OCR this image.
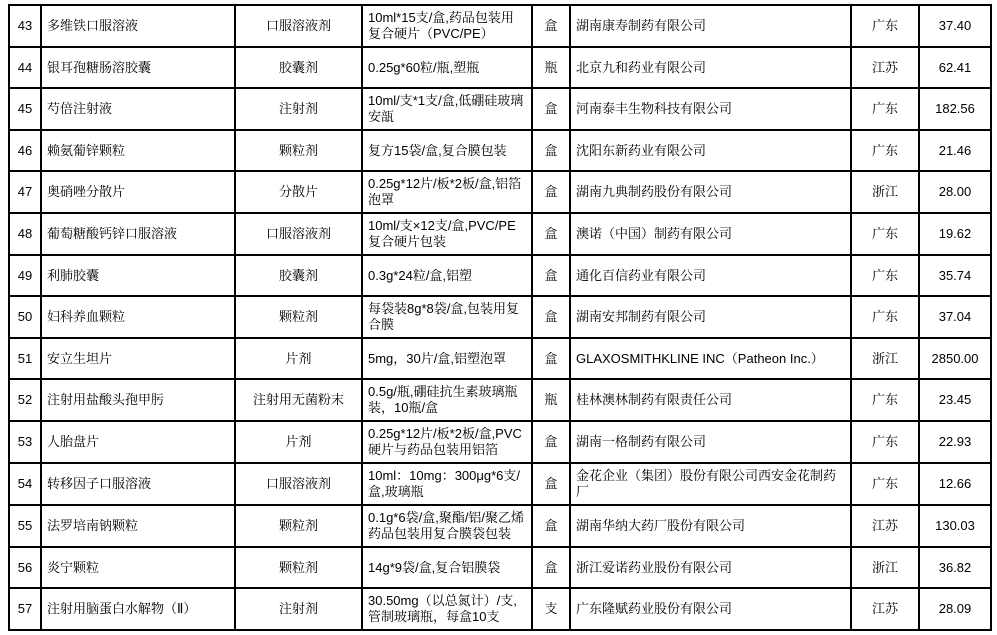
43	多维铁口服溶液	口服溶液剂	10ml*15支/盒,药品包装用复合硬片（PVC/PE）	盒	湖南康寿制药有限公司	广东	37.40
44	银耳孢糖肠溶胶囊	胶囊剂	0.25g*60粒/瓶,塑瓶	瓶	北京九和药业有限公司	江苏	62.41
45	芍倍注射液	注射剂	10ml/支*1支/盒,低硼硅玻璃安瓿	盒	河南泰丰生物科技有限公司	广东	182.56
46	赖氨葡锌颗粒	颗粒剂	复方15袋/盒,复合膜包装	盒	沈阳东新药业有限公司	广东	21.46
47	奥硝唑分散片	分散片	0.25g*12片/板*2板/盒,铝箔泡罩	盒	湖南九典制药股份有限公司	浙江	28.00
48	葡萄糖酸钙锌口服溶液	口服溶液剂	10ml/支×12支/盒,PVC/PE复合硬片包装	盒	澳诺（中国）制药有限公司	广东	19.62
49	利肺胶囊	胶囊剂	0.3g*24粒/盒,铝塑	盒	通化百信药业有限公司	广东	35.74
50	妇科养血颗粒	颗粒剂	每袋装8g*8袋/盒,包装用复合膜	盒	湖南安邦制药有限公司	广东	37.04
51	安立生坦片	片剂	5mg，30片/盒,铝塑泡罩	盒	GLAXOSMITHKLINE INC（Patheon Inc.）	浙江	2850.00
52	注射用盐酸头孢甲肟	注射用无菌粉末	0.5g/瓶,硼硅抗生素玻璃瓶装，10瓶/盒	瓶	桂林澳林制药有限责任公司	广东	23.45
53	人胎盘片	片剂	0.25g*12片/板*2板/盒,PVC硬片与药品包装用铝箔	盒	湖南一格制药有限公司	广东	22.93
54	转移因子口服溶液	口服溶液剂	10ml：10mg：300μg*6支/盒,玻璃瓶	盒	金花企业（集团）股份有限公司西安金花制药厂	广东	12.66
55	法罗培南钠颗粒	颗粒剂	0.1g*6袋/盒,聚酯/铝/聚乙烯药品包装用复合膜袋包装	盒	湖南华纳大药厂股份有限公司	江苏	130.03
56	炎宁颗粒	颗粒剂	14g*9袋/盒,复合铝膜袋	盒	浙江爱诺药业股份有限公司	浙江	36.82
57	注射用脑蛋白水解物（Ⅱ）	注射剂	30.50mg（以总氮计）/支,管制玻璃瓶，每盒10支	支	广东隆赋药业股份有限公司	江苏	28.09
